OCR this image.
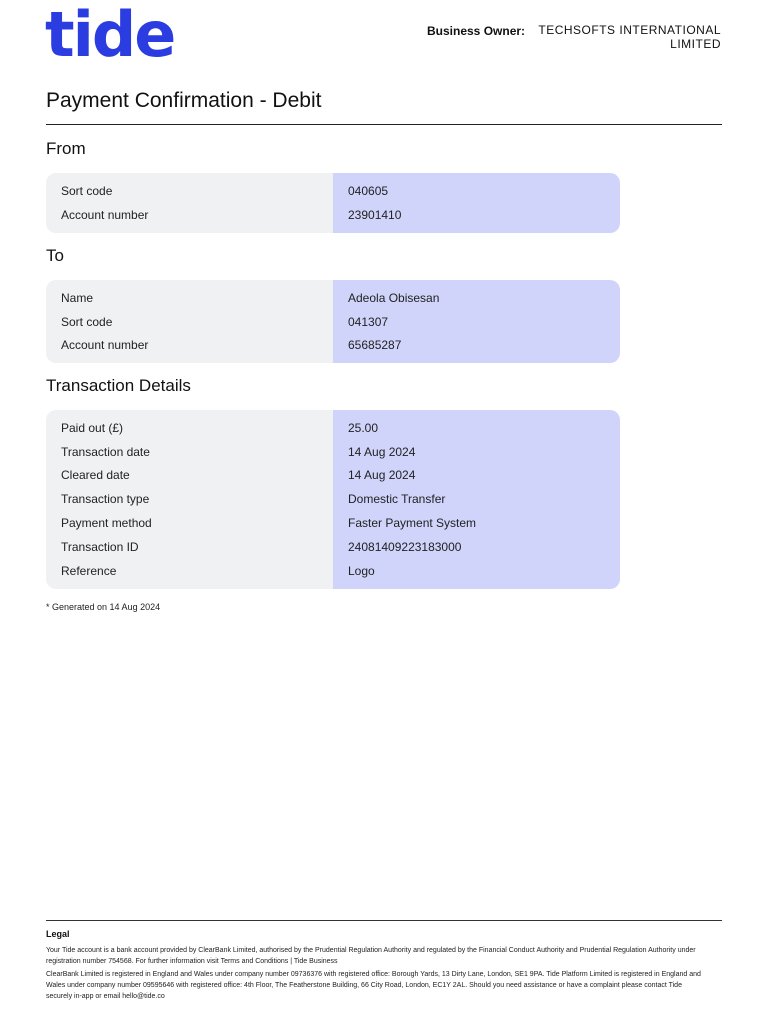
tide	Business Owner:	TECHSOFTS INTERNATIONAL LIMITED
Payment Confirmation - Debit
From
Sort code	040605
Account number	23901410
To
Name	Adeola Obisesan
Sort code	041307
Account number	65685287
Transaction Details
Paid out (£)	25.00
Transaction date	14 Aug 2024
Cleared date	14 Aug 2024
Transaction type	Domestic Transfer
Payment method	Faster Payment System
Transaction ID	24081409223183000
Reference	Logo
* Generated on 14 Aug 2024
Legal
Your Tide account is a bank account provided by ClearBank Limited, authorised by the Prudential Regulation Authority and regulated by the Financial Conduct Authority and Prudential Regulation Authority under registration number 754568. For further information visit Terms and Conditions | Tide Business
ClearBank Limited is registered in England and Wales under company number 09736376 with registered office: Borough Yards, 13 Dirty Lane, London, SE1 9PA. Tide Platform Limited is registered in England and Wales under company number 09595646 with registered office: 4th Floor, The Featherstone Building, 66 City Road, London, EC1Y 2AL. Should you need assistance or have a complaint please contact Tide securely in-app or email hello@tide.co
